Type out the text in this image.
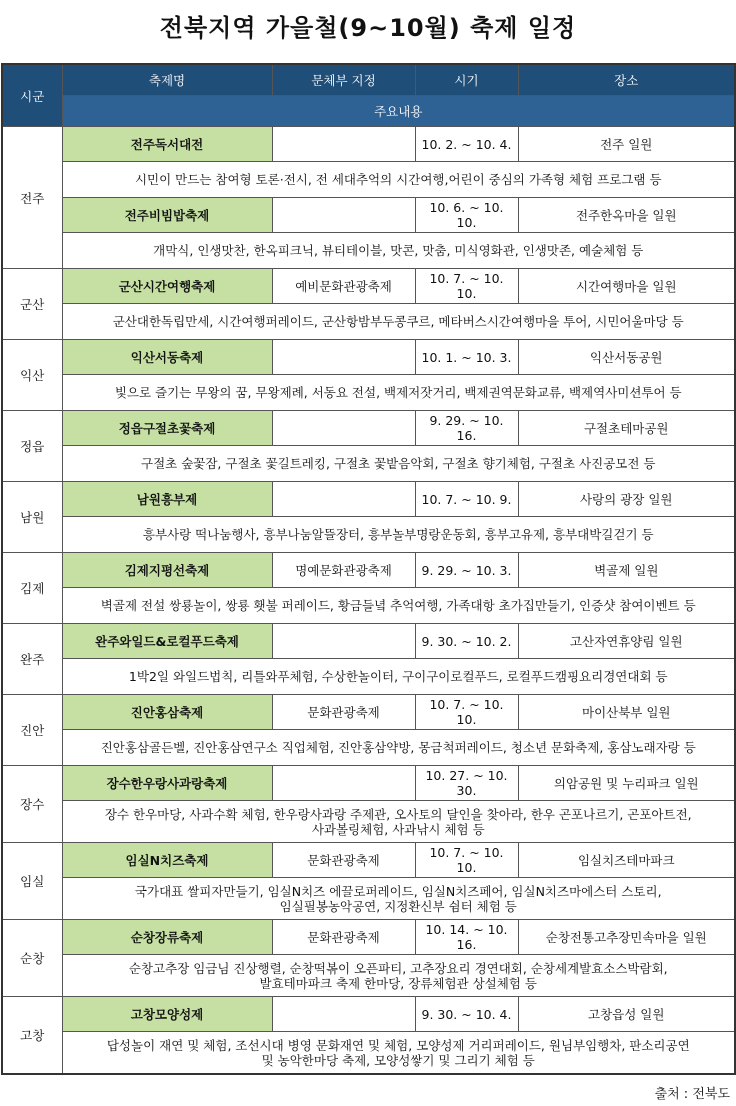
전북지역 가을철(9~10월) 축제 일정
시군	축제명	문체부 지정	시기	장소
	주요내용			
전주	전주독서대전		10. 2. ~ 10. 4.	전주 일원
	시민이 만드는 참여형 토론·전시, 전 세대추억의 시간여행,어린이 중심의 가족형 체험 프로그램 등			
	전주비빔밥축제		10. 6. ~ 10. 10.	전주한옥마을 일원
	개막식, 인생맛찬, 한옥피크닉, 뷰티테이블, 맛콘, 맛춤, 미식영화관, 인생맛존, 예술체험 등			
군산	군산시간여행축제	예비문화관광축제	10. 7. ~ 10. 10.	시간여행마을 일원
	군산대한독립만세, 시간여행퍼레이드, 군산항밤부두콩쿠르, 메타버스시간여행마을 투어, 시민어울마당 등			
익산	익산서동축제		10. 1. ~ 10. 3.	익산서동공원
	빛으로 즐기는 무왕의 꿈, 무왕제례, 서동요 전설, 백제저잣거리, 백제권역문화교류, 백제역사미션투어 등			
정읍	정읍구절초꽃축제		9. 29. ~ 10. 16.	구절초테마공원
	구절초 숲꽃잠, 구절초 꽃길트레킹, 구절초 꽃밭음악회, 구절초 향기체험, 구절초 사진공모전 등			
남원	남원흥부제		10. 7. ~ 10. 9.	사랑의 광장 일원
	흥부사랑 떡나눔행사, 흥부나눔알뜰장터, 흥부놀부명랑운동회, 흥부고유제, 흥부대박길걷기 등			
김제	김제지평선축제	명예문화관광축제	9. 29. ~ 10. 3.	벽골제 일원
	벽골제 전설 쌍룡놀이, 쌍룡 횃불 퍼레이드, 황금들녘 추억여행, 가족대항 초가집만들기, 인증샷 참여이벤트 등			
완주	완주와일드&로컬푸드축제		9. 30. ~ 10. 2.	고산자연휴양림 일원
	1박2일 와일드법칙, 리틀와푸체험, 수상한놀이터, 구이구이로컬푸드, 로컬푸드캠핑요리경연대회 등			
진안	진안홍삼축제	문화관광축제	10. 7. ~ 10. 10.	마이산북부 일원
	진안홍삼골든벨, 진안홍삼연구소 직업체험, 진안홍삼약방, 몽금척퍼레이드, 청소년 문화축제, 홍삼노래자랑 등			
장수	장수한우랑사과랑축제		10. 27. ~ 10. 30.	의암공원 및 누리파크 일원

	장수 한우마당, 사과수확 체험, 한우랑사과랑 주제관, 오사토의 달인을 찾아라, 한우 곤포나르기, 곤포아트전,
사과볼링체험, 사과낚시 체험 등			

임실	임실N치즈축제	문화관광축제	10. 7. ~ 10. 10.	임실치즈테마파크

	국가대표 쌀피자만들기, 임실N치즈 에끌로퍼레이드, 임실N치즈페어, 임실N치즈마에스터 스토리,
임실필봉농악공연, 지정환신부 쉼터 체험 등			

순창	순창장류축제	문화관광축제	10. 14. ~ 10. 16.	순창전통고추장민속마을 일원

	순창고추장 임금님 진상행렬, 순창떡볶이 오픈파티, 고추장요리 경연대회, 순창세계발효소스박람회,
발효테마파크 축제 한마당, 장류체험관 상설체험 등			

고창	고창모양성제		9. 30. ~ 10. 4.	고창읍성 일원

	답성놀이 재연 및 체험, 조선시대 병영 문화재연 및 체험, 모양성제 거리퍼레이드, 원님부임행차, 판소리공연
및 농악한마당 축제, 모양성쌓기 및 그리기 체험 등			
출처 : 전북도
